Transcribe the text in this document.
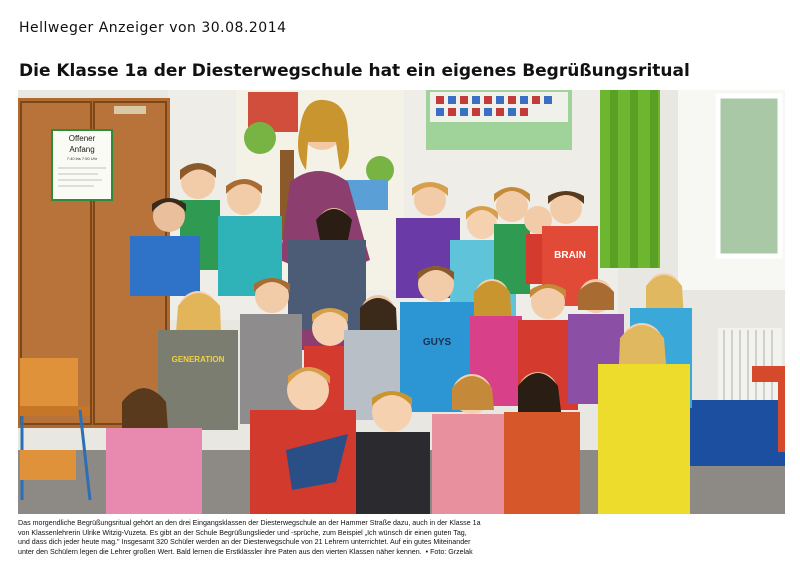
Hellweger Anzeiger von 30.08.2014
Die Klasse 1a der Diesterwegschule hat ein eigenes Begrüßungsritual
Offener
Anfang
7:40 bis 7:50 Uhr
BRAIN
GENERATION
GUYS

Das morgendliche Begrüßungsritual gehört an den drei Eingangsklassen der Diesterwegschule an der Hammer Straße dazu, auch in der Klasse 1a

von Klassenlehrerin Ulrike Witzig-Vuzeta. Es gibt an der Schule Begrüßungslieder und -sprüche, zum Beispiel „Ich wünsch dir einen guten Tag,

und dass dich jeder heute mag." Insgesamt 320 Schüler werden an der Diesterwegschule von 21 Lehrern unterrichtet. Auf ein gutes Miteinander

unter den Schülern legen die Lehrer großen Wert. Bald lernen die Erstklässler ihre Paten aus den vierten Klassen näher kennen. • Foto: Grzelak
